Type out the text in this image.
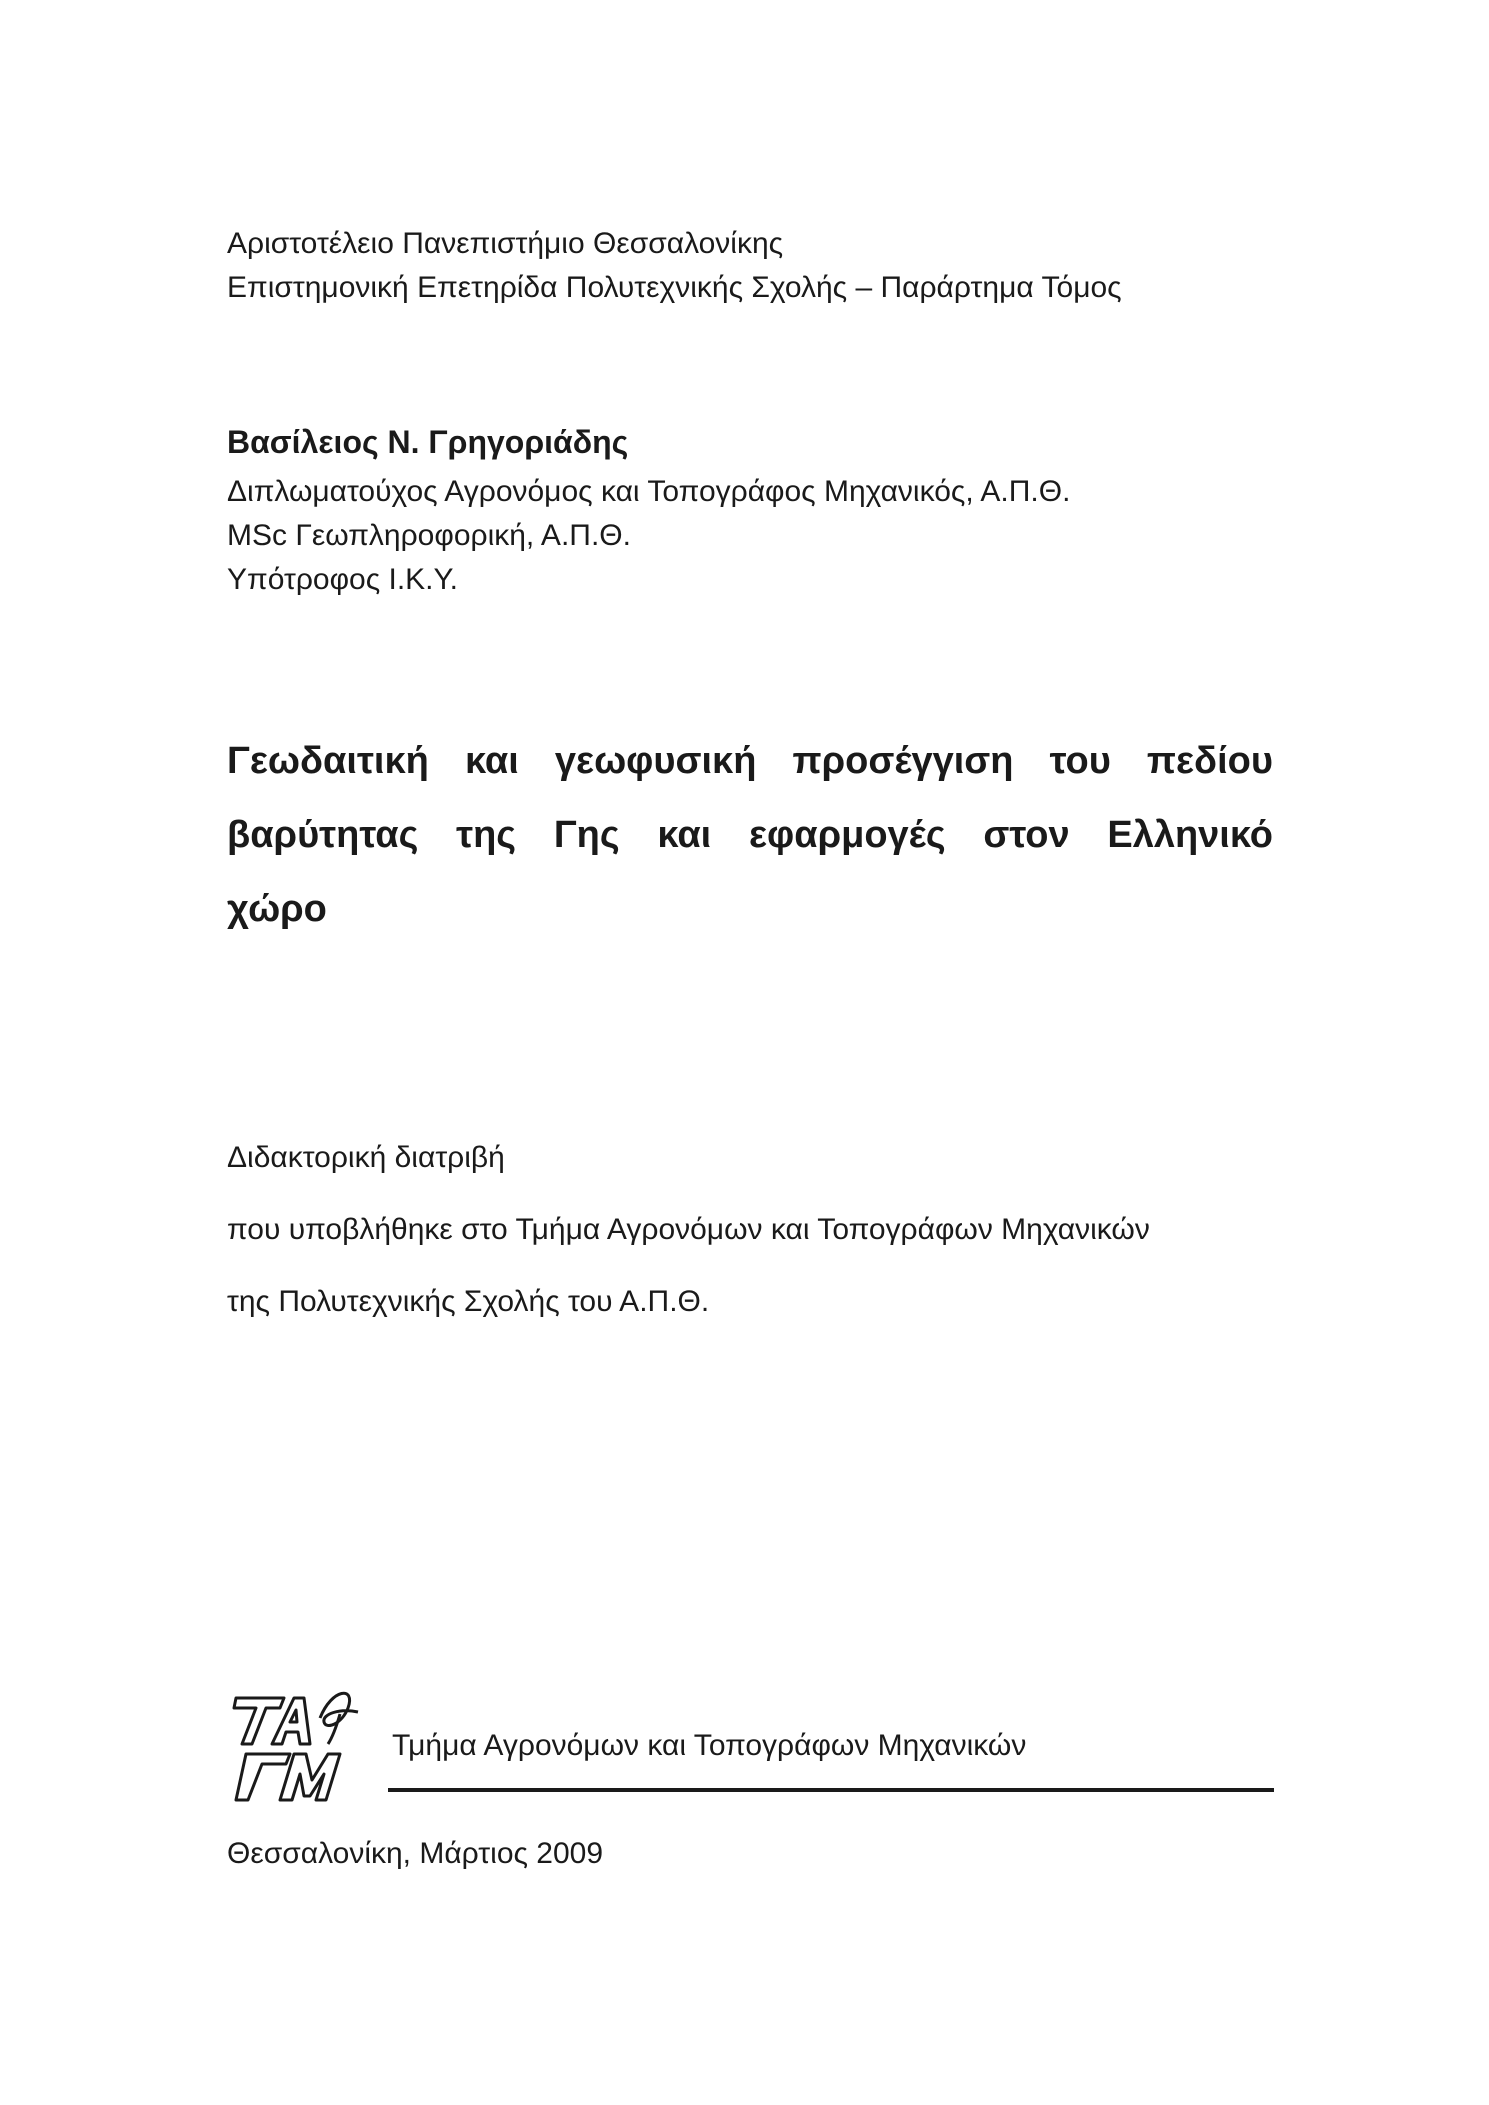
Αριστοτέλειο Πανεπιστήμιο Θεσσαλονίκης
Επιστημονική Επετηρίδα Πολυτεχνικής Σχολής – Παράρτημα Τόμος
Βασίλειος Ν. Γρηγοριάδης
Διπλωματούχος Αγρονόμος και Τοπογράφος Μηχανικός, Α.Π.Θ.
MSc Γεωπληροφορική, Α.Π.Θ.
Υπότροφος Ι.Κ.Υ.
Γεωδαιτική και γεωφυσική προσέγγιση του πεδίου
βαρύτητας της Γης και εφαρμογές στον Ελληνικό
χώρο
Διδακτορική διατριβή
που υποβλήθηκε στο Τμήμα Αγρονόμων και Τοπογράφων Μηχανικών
της Πολυτεχνικής Σχολής του Α.Π.Θ.
Τμήμα Αγρονόμων και Τοπογράφων Μηχανικών
Θεσσαλονίκη, Μάρτιος 2009
